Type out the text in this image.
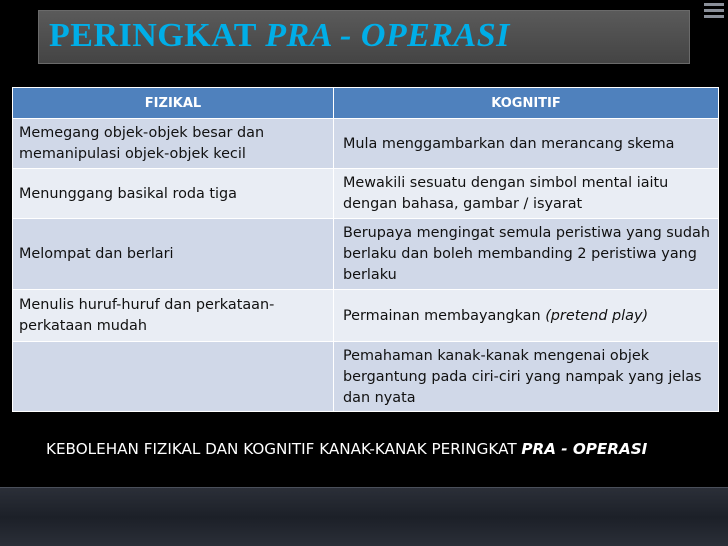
PERINGKAT PRA - OPERASI
FIZIKAL	KOGNITIF
Memegang objek-objek besar dan memanipulasi objek-objek kecil	Mula menggambarkan dan merancang skema
Menunggang basikal roda tiga	Mewakili sesuatu dengan simbol mental iaitu dengan bahasa, gambar / isyarat
Melompat dan berlari	Berupaya mengingat semula peristiwa yang sudah berlaku dan boleh membanding 2 peristiwa yang berlaku
Menulis huruf-huruf dan perkataan-perkataan mudah	Permainan membayangkan (pretend play)
	Pemahaman kanak-kanak mengenai objek bergantung pada ciri-ciri yang nampak yang jelas dan nyata
KEBOLEHAN FIZIKAL DAN KOGNITIF KANAK-KANAK PERINGKAT PRA - OPERASI
